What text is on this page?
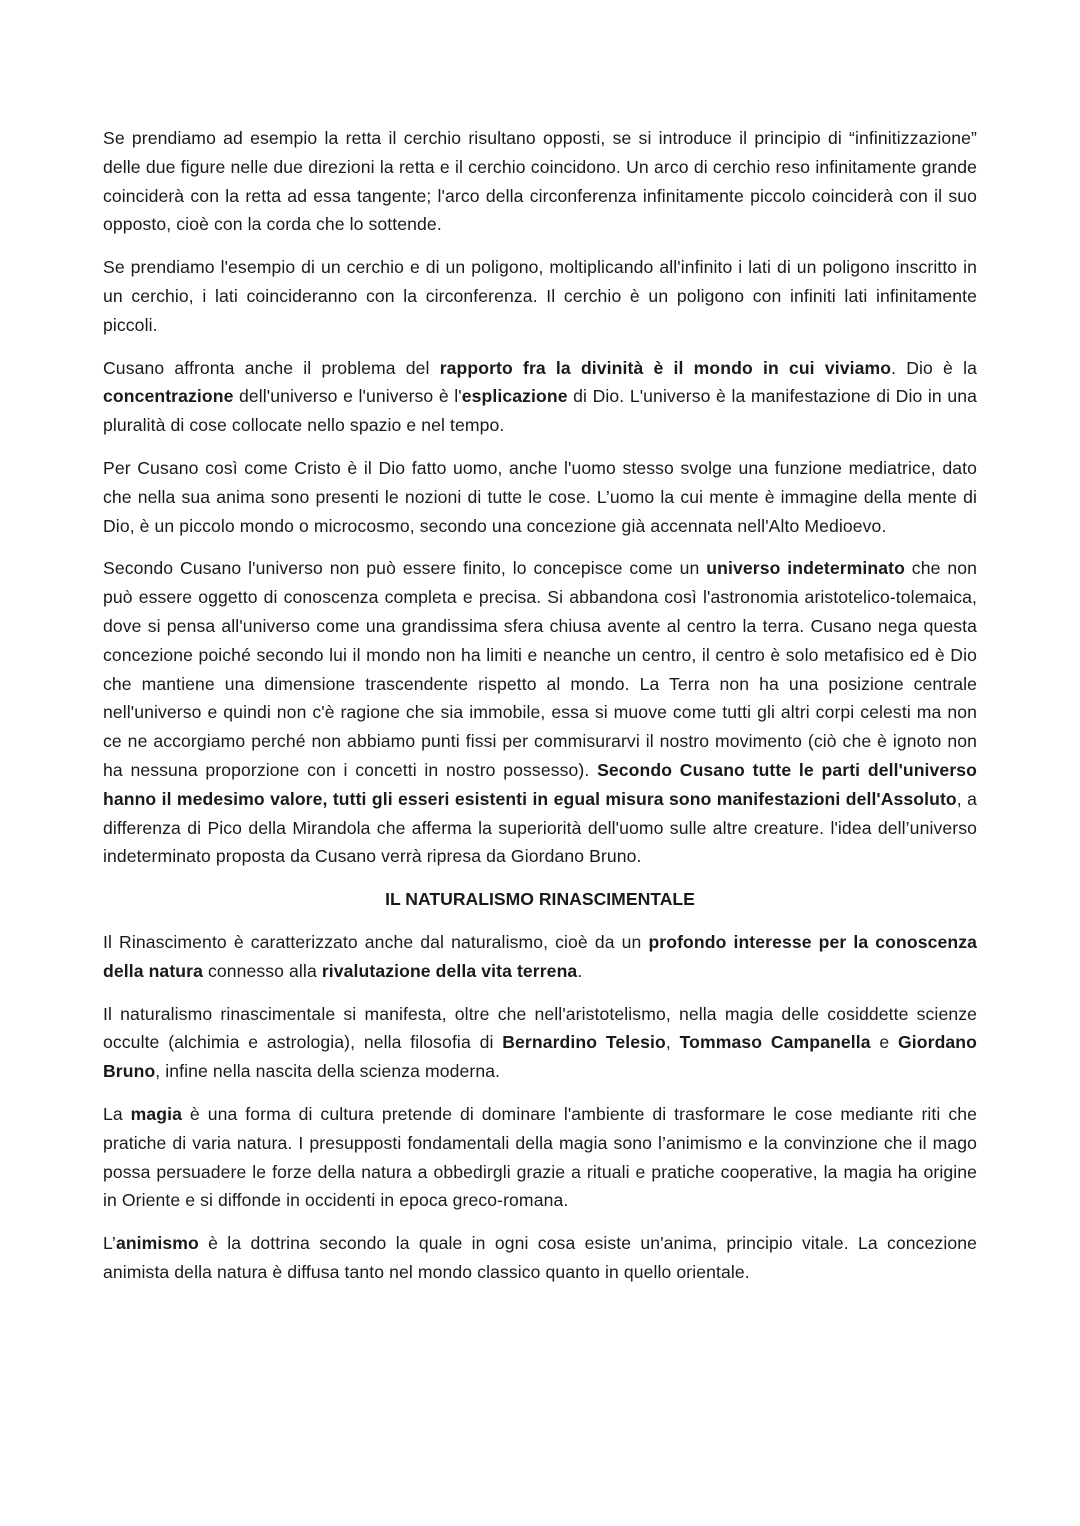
Se prendiamo ad esempio la retta il cerchio risultano opposti, se si introduce il principio di “infinitizzazione” delle due figure nelle due direzioni la retta e il cerchio coincidono. Un arco di cerchio reso infinitamente grande coinciderà con la retta ad essa tangente; l'arco della circonferenza infinitamente piccolo coinciderà con il suo opposto, cioè con la corda che lo sottende.

Se prendiamo l'esempio di un cerchio e di un poligono, moltiplicando all'infinito i lati di un poligono inscritto in un cerchio, i lati coincideranno con la circonferenza. Il cerchio è un poligono con infiniti lati infinitamente piccoli.

Cusano affronta anche il problema del rapporto fra la divinità è il mondo in cui viviamo. Dio è la concentrazione dell'universo e l'universo è l'esplicazione di Dio. L'universo è la manifestazione di Dio in una pluralità di cose collocate nello spazio e nel tempo.

Per Cusano così come Cristo è il Dio fatto uomo, anche l'uomo stesso svolge una funzione mediatrice, dato che nella sua anima sono presenti le nozioni di tutte le cose. L’uomo la cui mente è immagine della mente di Dio, è un piccolo mondo o microcosmo, secondo una concezione già accennata nell'Alto Medioevo.

Secondo Cusano l'universo non può essere finito, lo concepisce come un universo indeterminato che non può essere oggetto di conoscenza completa e precisa. Si abbandona così l'astronomia aristotelico-tolemaica, dove si pensa all'universo come una grandissima sfera chiusa avente al centro la terra. Cusano nega questa concezione poiché secondo lui il mondo non ha limiti e neanche un centro, il centro è solo metafisico ed è Dio che mantiene una dimensione trascendente rispetto al mondo. La Terra non ha una posizione centrale nell'universo e quindi non c'è ragione che sia immobile, essa si muove come tutti gli altri corpi celesti ma non ce ne accorgiamo perché non abbiamo punti fissi per commisurarvi il nostro movimento (ciò che è ignoto non ha nessuna proporzione con i concetti in nostro possesso). Secondo Cusano tutte le parti dell'universo hanno il medesimo valore, tutti gli esseri esistenti in egual misura sono manifestazioni dell'Assoluto, a differenza di Pico della Mirandola che afferma la superiorità dell'uomo sulle altre creature. l'idea dell’universo indeterminato proposta da Cusano verrà ripresa da Giordano Bruno.

IL NATURALISMO RINASCIMENTALE

Il Rinascimento è caratterizzato anche dal naturalismo, cioè da un profondo interesse per la conoscenza della natura connesso alla rivalutazione della vita terrena.

Il naturalismo rinascimentale si manifesta, oltre che nell'aristotelismo, nella magia delle cosiddette scienze occulte (alchimia e astrologia), nella filosofia di Bernardino Telesio, Tommaso Campanella e Giordano Bruno, infine nella nascita della scienza moderna.

La magia è una forma di cultura pretende di dominare l'ambiente di trasformare le cose mediante riti che pratiche di varia natura. I presupposti fondamentali della magia sono l’animismo e la convinzione che il mago possa persuadere le forze della natura a obbedirgli grazie a rituali e pratiche cooperative, la magia ha origine in Oriente e si diffonde in occidenti in epoca greco-romana.

L’animismo è la dottrina secondo la quale in ogni cosa esiste un'anima, principio vitale. La concezione animista della natura è diffusa tanto nel mondo classico quanto in quello orientale.
